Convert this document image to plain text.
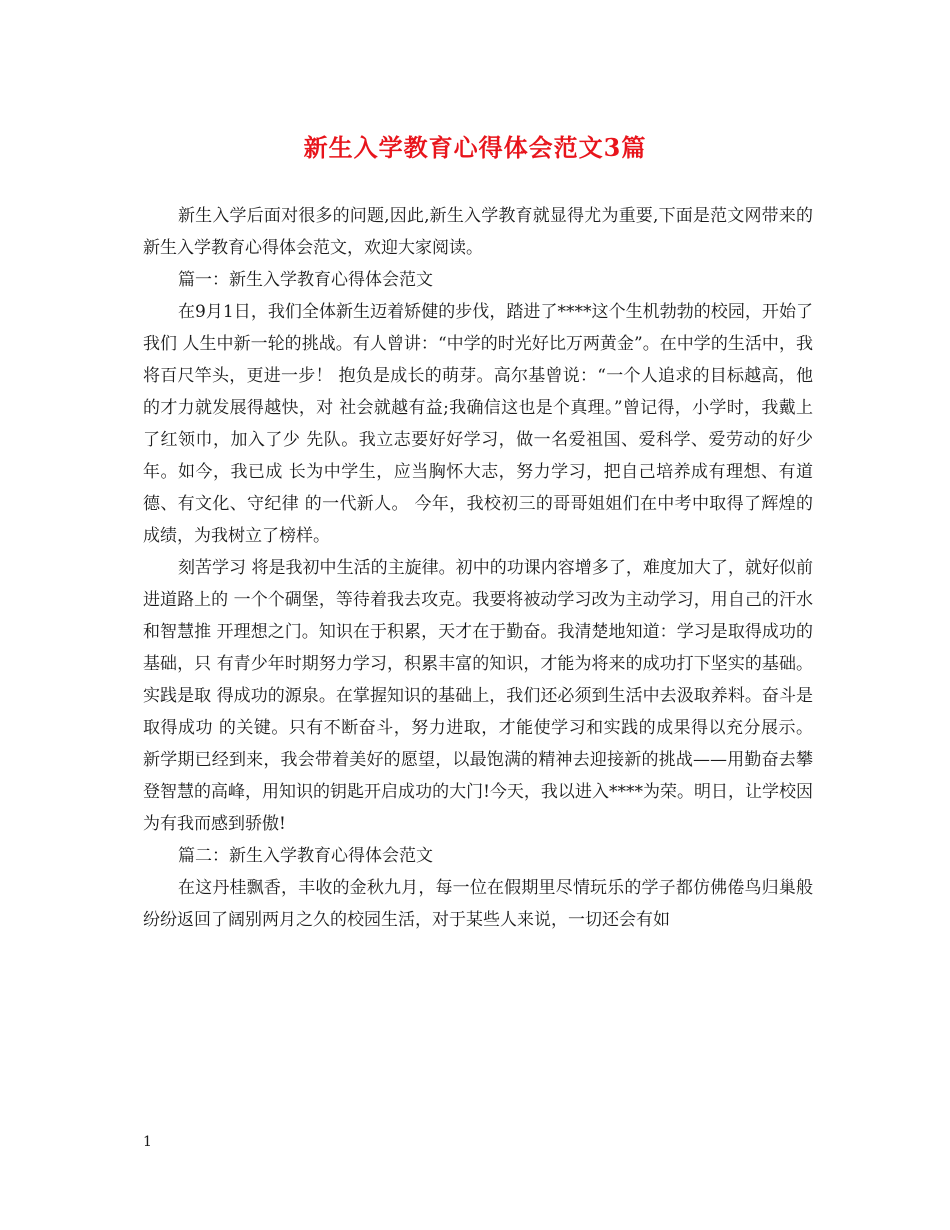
新生入学教育心得体会范文3篇

新生入学后面对很多的问题,因此,新生入学教育就显得尤为重要,下面是范文网带来的新生入学教育心得体会范文，欢迎大家阅读。

篇一：新生入学教育心得体会范文

在9月1日，我们全体新生迈着矫健的步伐，踏进了****这个生机勃勃的校园，开始了我们 人生中新一轮的挑战。有人曾讲：“中学的时光好比万两黄金”。在中学的生活中，我将百尺竿头，更进一步！ 抱负是成长的萌芽。高尔基曾说：“一个人追求的目标越高，他的才力就发展得越快，对 社会就越有益;我确信这也是个真理。”曾记得，小学时，我戴上了红领巾，加入了少 先队。我立志要好好学习，做一名爱祖国、爱科学、爱劳动的好少年。如今，我已成 长为中学生，应当胸怀大志，努力学习，把自己培养成有理想、有道德、有文化、守纪律 的一代新人。 今年，我校初三的哥哥姐姐们在中考中取得了辉煌的成绩，为我树立了榜样。

刻苦学习 将是我初中生活的主旋律。初中的功课内容增多了，难度加大了，就好似前进道路上的 一个个碉堡，等待着我去攻克。我要将被动学习改为主动学习，用自己的汗水和智慧推 开理想之门。知识在于积累，天才在于勤奋。我清楚地知道：学习是取得成功的基础，只 有青少年时期努力学习，积累丰富的知识，才能为将来的成功打下坚实的基础。实践是取 得成功的源泉。在掌握知识的基础上，我们还必须到生活中去汲取养料。奋斗是取得成功 的关键。只有不断奋斗，努力进取，才能使学习和实践的成果得以充分展示。 新学期已经到来，我会带着美好的愿望，以最饱满的精神去迎接新的挑战——用勤奋去攀登智慧的高峰，用知识的钥匙开启成功的大门!今天，我以进入****为荣。明日，让学校因为有我而感到骄傲!

篇二：新生入学教育心得体会范文

在这丹桂飘香，丰收的金秋九月，每一位在假期里尽情玩乐的学子都仿佛倦鸟归巢般纷纷返回了阔别两月之久的校园生活，对于某些人来说，一切还会有如

1
